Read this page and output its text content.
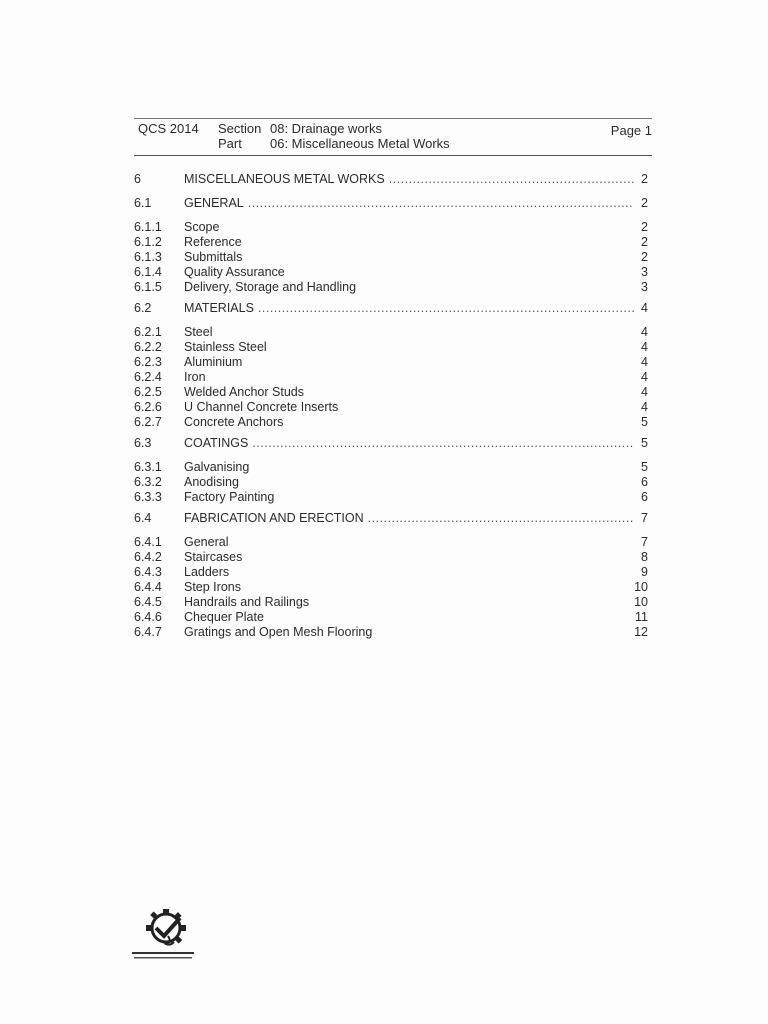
QCS 2014 Section 08: Drainage works
Part 06: Miscellaneous Metal Works
Page 1
6	MISCELLANEOUS METAL WORKS .....	2
6.1	GENERAL .....	2
6.1.1	Scope	2
6.1.2	Reference	2
6.1.3	Submittals	2
6.1.4	Quality Assurance	3
6.1.5	Delivery, Storage and Handling	3
6.2	MATERIALS .....	4
6.2.1	Steel	4
6.2.2	Stainless Steel	4
6.2.3	Aluminium	4
6.2.4	Iron	4
6.2.5	Welded Anchor Studs	4
6.2.6	U Channel Concrete Inserts	4
6.2.7	Concrete Anchors	5
6.3	COATINGS .....	5
6.3.1	Galvanising	5
6.3.2	Anodising	6
6.3.3	Factory Painting	6
6.4	FABRICATION AND ERECTION .....	7
6.4.1	General	7
6.4.2	Staircases	8
6.4.3	Ladders	9
6.4.4	Step Irons	10
6.4.5	Handrails and Railings	10
6.4.6	Chequer Plate	11
6.4.7	Gratings and Open Mesh Flooring	12
